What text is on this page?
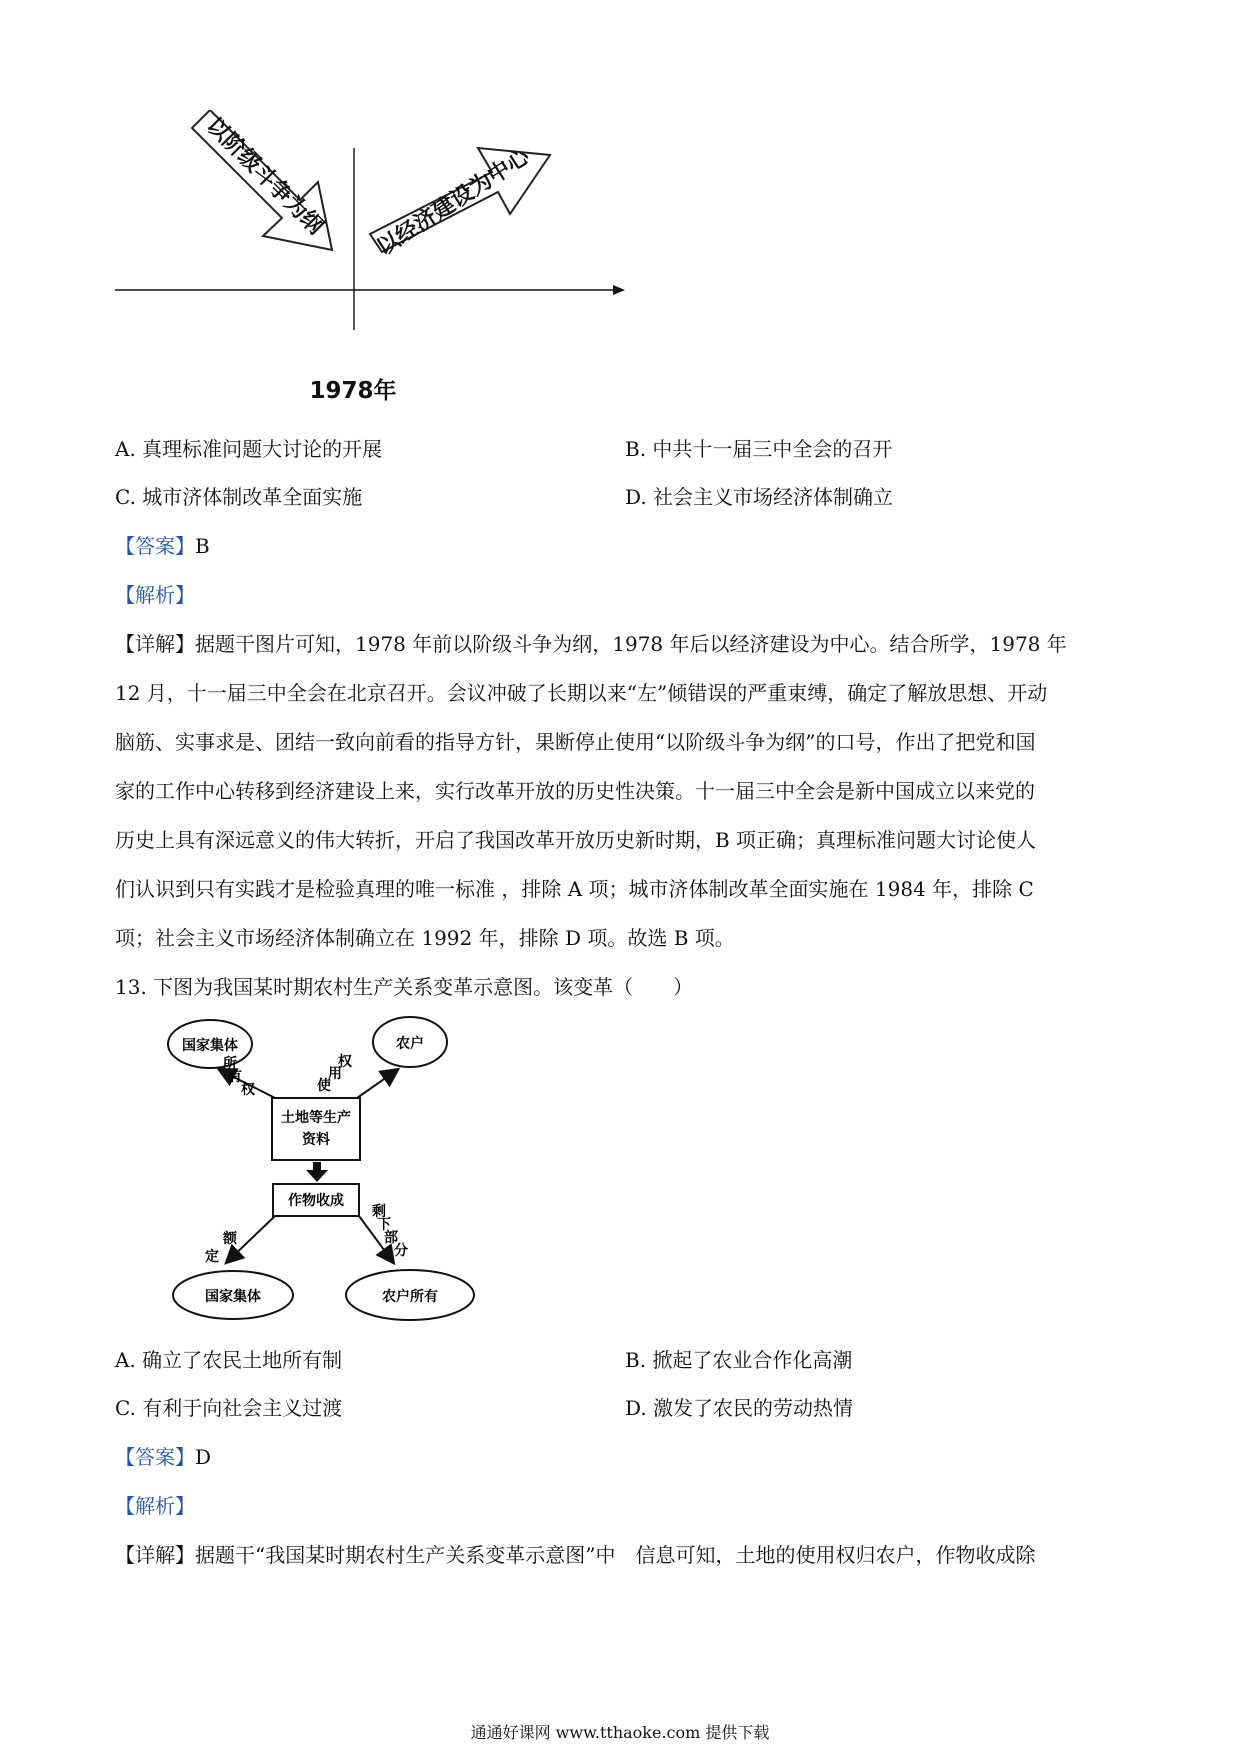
以阶级斗争为纲 以经济建设为中心
1978年
A. 真理标准问题大讨论的开展	B. 中共十一届三中全会的召开
C. 城市济体制改革全面实施	D. 社会主义市场经济体制确立
【答案】B
【解析】
【详解】据题干图片可知，1978 年前以阶级斗争为纲，1978 年后以经济建设为中心。结合所学，1978 年
12 月，十一届三中全会在北京召开。会议冲破了长期以来“左”倾错误的严重束缚，确定了解放思想、开动
脑筋、实事求是、团结一致向前看的指导方针，果断停止使用“以阶级斗争为纲”的口号，作出了把党和国
家的工作中心转移到经济建设上来，实行改革开放的历史性决策。十一届三中全会是新中国成立以来党的
历史上具有深远意义的伟大转折，开启了我国改革开放历史新时期，B 项正确；真理标准问题大讨论使人
们认识到只有实践才是检验真理的唯一标准 ，排除 A 项；城市济体制改革全面实施在 1984 年，排除 C
项；社会主义市场经济体制确立在 1992 年，排除 D 项。故选 B 项。
13. 下图为我国某时期农村生产关系变革示意图。该变革（　　）
国家集体	农户
土地等生产
资料
所
有
权	使
用
权
作物收成
额
定
剩
下
部
分
国家集体	农户所有
A. 确立了农民土地所有制	B. 掀起了农业合作化高潮
C. 有利于向社会主义过渡	D. 激发了农民的劳动热情
【答案】D
【解析】
【详解】据题干“我国某时期农村生产关系变革示意图”中　信息可知，土地的使用权归农户，作物收成除
通通好课网 www.tthaoke.com 提供下载
